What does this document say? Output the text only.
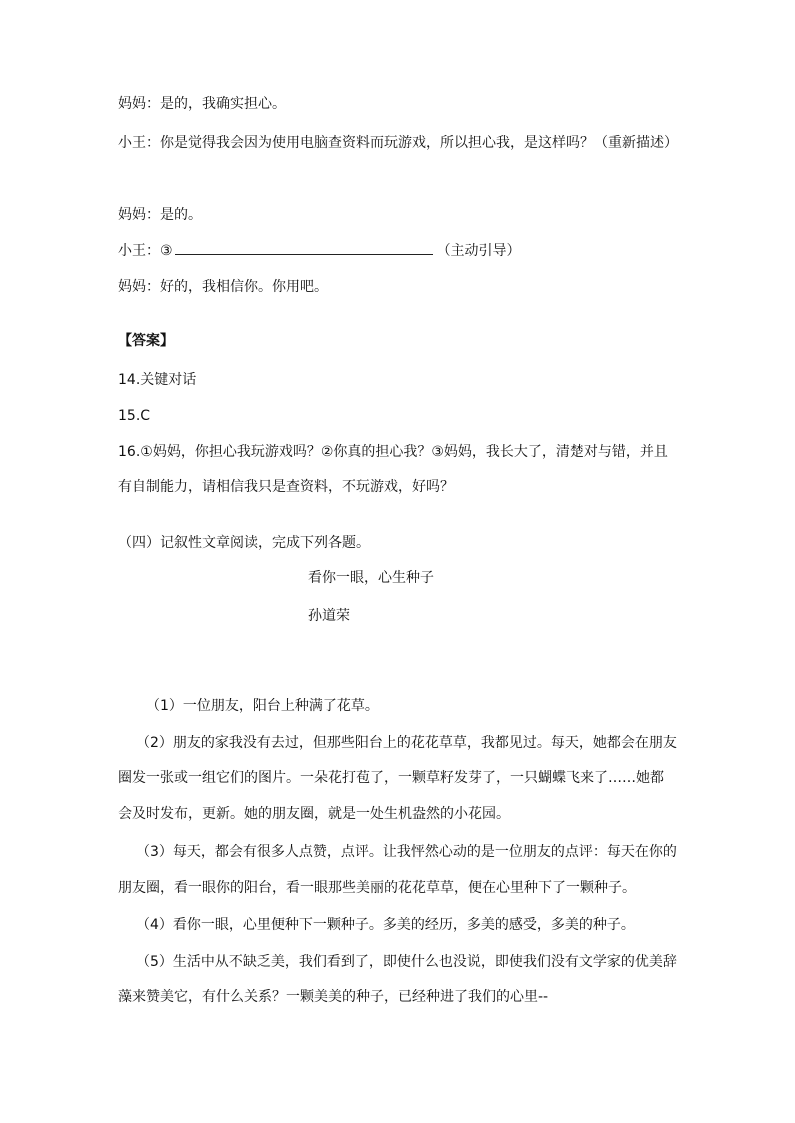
妈妈：是的，我确实担心。
小王：你是觉得我会因为使用电脑查资料而玩游戏，所以担心我，是这样吗？（重新描述）
妈妈：是的。
小王：③	（主动引导）
妈妈：好的，我相信你。你用吧。
【答案】
14.关键对话
15.C
16.①妈妈，你担心我玩游戏吗？②你真的担心我？③妈妈，我长大了，清楚对与错，并且
有自制能力，请相信我只是查资料，不玩游戏，好吗？
（四）记叙性文章阅读，完成下列各题。
看你一眼，心生种子
孙道荣
（1）一位朋友，阳台上种满了花草。
（2）朋友的家我没有去过，但那些阳台上的花花草草，我都见过。每天，她都会在朋友
圈发一张或一组它们的图片。一朵花打苞了，一颗草籽发芽了，一只蝴蝶飞来了……她都
会及时发布，更新。她的朋友圈，就是一处生机盎然的小花园。
（3）每天，都会有很多人点赞，点评。让我怦然心动的是一位朋友的点评：每天在你的
朋友圈，看一眼你的阳台，看一眼那些美丽的花花草草，便在心里种下了一颗种子。
（4）看你一眼，心里便种下一颗种子。多美的经历，多美的感受，多美的种子。
（5）生活中从不缺乏美，我们看到了，即使什么也没说，即使我们没有文学家的优美辞
藻来赞美它，有什么关系？一颗美美的种子，已经种进了我们的心里--
